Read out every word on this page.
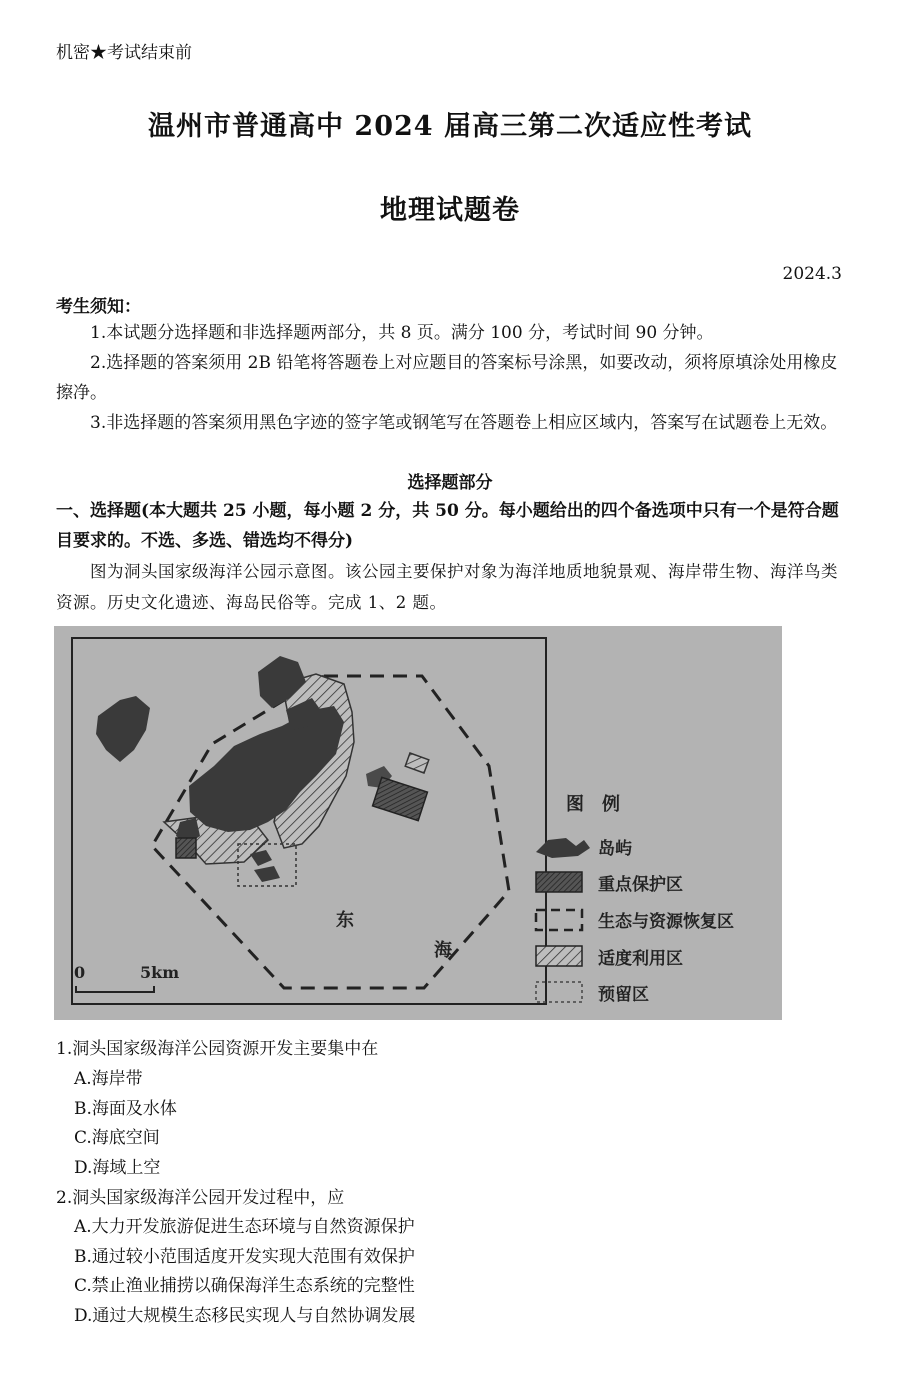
机密★考试结束前
温州市普通高中 2024 届高三第二次适应性考试
地理试题卷
2024.3
考生须知：
1.本试题分选择题和非选择题两部分，共 8 页。满分 100 分，考试时间 90 分钟。
2.选择题的答案须用 2B 铅笔将答题卷上对应题目的答案标号涂黑，如要改动，须将原填涂处用橡皮擦净。
3.非选择题的答案须用黑色字迹的签字笔或钢笔写在答题卷上相应区域内，答案写在试题卷上无效。
选择题部分
一、选择题(本大题共 25 小题，每小题 2 分，共 50 分。每小题给出的四个备选项中只有一个是符合题目要求的。不选、多选、错选均不得分)
图为洞头国家级海洋公园示意图。该公园主要保护对象为海洋地质地貌景观、海岸带生物、海洋鸟类资源。历史文化遗迹、海岛民俗等。完成 1、2 题。
东
海
0	5km
图　例
岛屿
重点保护区
生态与资源恢复区
适度利用区
预留区
1.洞头国家级海洋公园资源开发主要集中在
A.海岸带
B.海面及水体
C.海底空间
D.海域上空
2.洞头国家级海洋公园开发过程中，应
A.大力开发旅游促进生态环境与自然资源保护
B.通过较小范围适度开发实现大范围有效保护
C.禁止渔业捕捞以确保海洋生态系统的完整性
D.通过大规模生态移民实现人与自然协调发展
